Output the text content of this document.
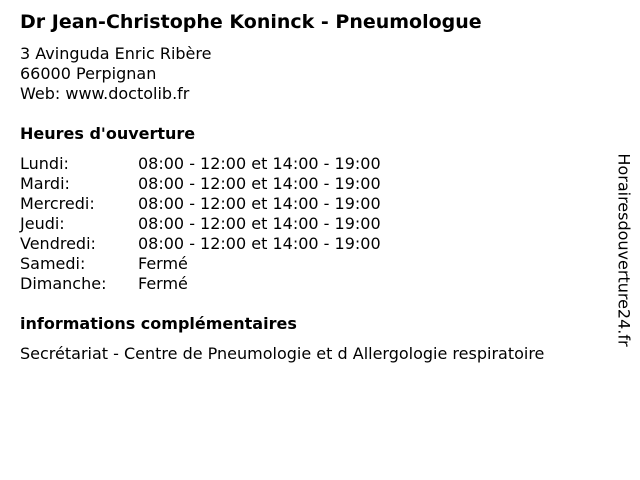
Dr Jean-Christophe Koninck - Pneumologue
3 Avinguda Enric Ribère
66000 Perpignan
Web: www.doctolib.fr
Heures d'ouverture
Lundi:	08:00 - 12:00 et 14:00 - 19:00
Mardi:	08:00 - 12:00 et 14:00 - 19:00
Mercredi:	08:00 - 12:00 et 14:00 - 19:00
Jeudi:	08:00 - 12:00 et 14:00 - 19:00
Vendredi:	08:00 - 12:00 et 14:00 - 19:00
Samedi:	Fermé
Dimanche: Fermé
informations complémentaires
Secrétariat - Centre de Pneumologie et d Allergologie respiratoire
Horairesdouverture24.fr
